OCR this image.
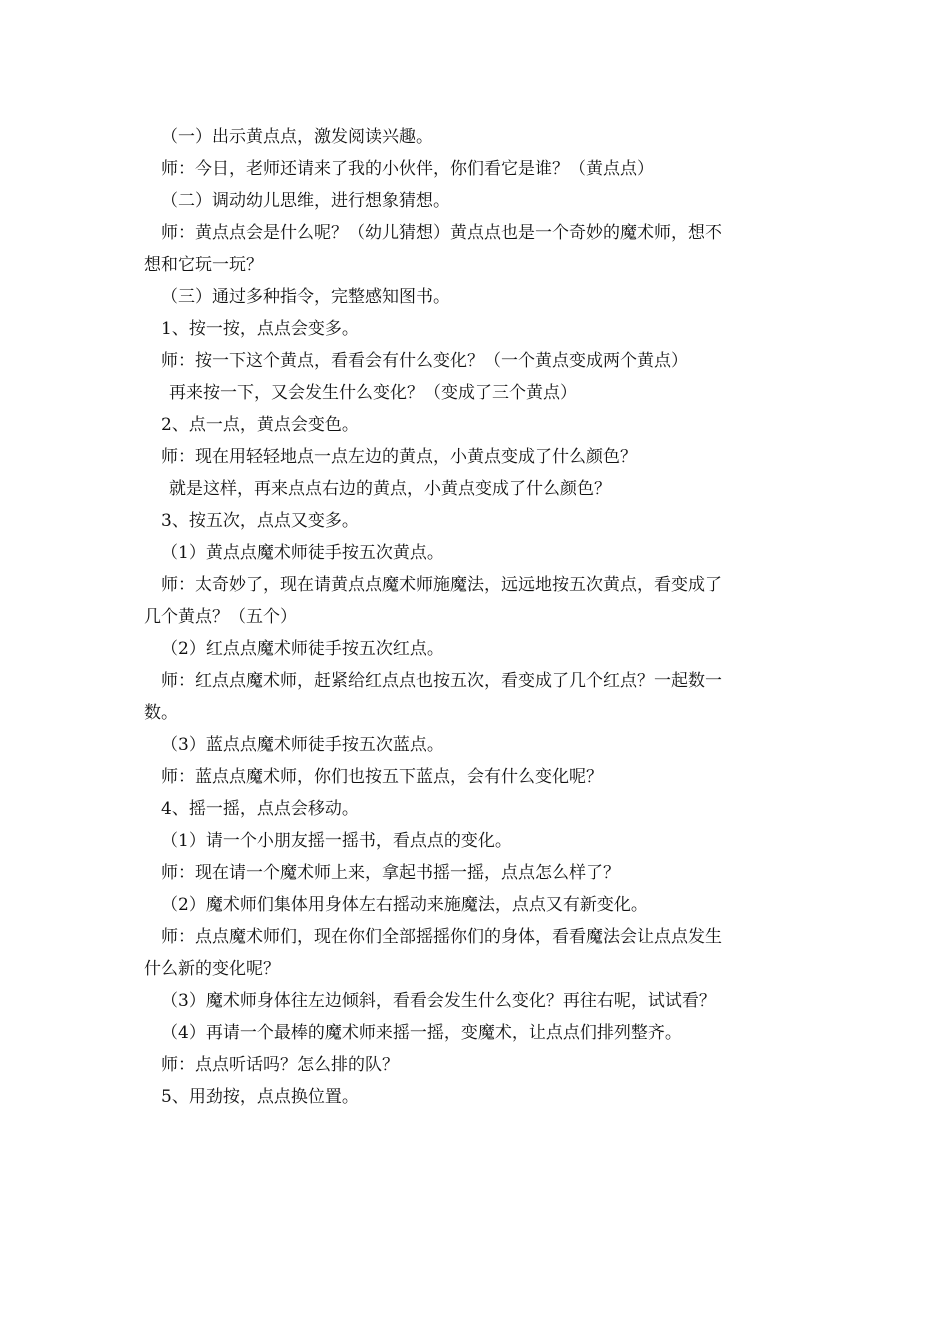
（一）出示黄点点，激发阅读兴趣。
师：今日，老师还请来了我的小伙伴，你们看它是谁？（黄点点）
（二）调动幼儿思维，进行想象猜想。
师：黄点点会是什么呢？（幼儿猜想）黄点点也是一个奇妙的魔术师，想不
想和它玩一玩？
（三）通过多种指令，完整感知图书。
1、按一按，点点会变多。
师：按一下这个黄点，看看会有什么变化？（一个黄点变成两个黄点）
再来按一下，又会发生什么变化？（变成了三个黄点）
2、点一点，黄点会变色。
师：现在用轻轻地点一点左边的黄点，小黄点变成了什么颜色？
就是这样，再来点点右边的黄点，小黄点变成了什么颜色？
3、按五次，点点又变多。
（1）黄点点魔术师徒手按五次黄点。
师：太奇妙了，现在请黄点点魔术师施魔法，远远地按五次黄点，看变成了
几个黄点？（五个）
（2）红点点魔术师徒手按五次红点。
师：红点点魔术师，赶紧给红点点也按五次，看变成了几个红点？一起数一
数。
（3）蓝点点魔术师徒手按五次蓝点。
师：蓝点点魔术师，你们也按五下蓝点，会有什么变化呢？
4、摇一摇，点点会移动。
（1）请一个小朋友摇一摇书，看点点的变化。
师：现在请一个魔术师上来，拿起书摇一摇，点点怎么样了？
（2）魔术师们集体用身体左右摇动来施魔法，点点又有新变化。
师：点点魔术师们，现在你们全部摇摇你们的身体，看看魔法会让点点发生
什么新的变化呢？
（3）魔术师身体往左边倾斜，看看会发生什么变化？再往右呢，试试看？
（4）再请一个最棒的魔术师来摇一摇，变魔术，让点点们排列整齐。
师：点点听话吗？怎么排的队？
5、用劲按，点点换位置。
